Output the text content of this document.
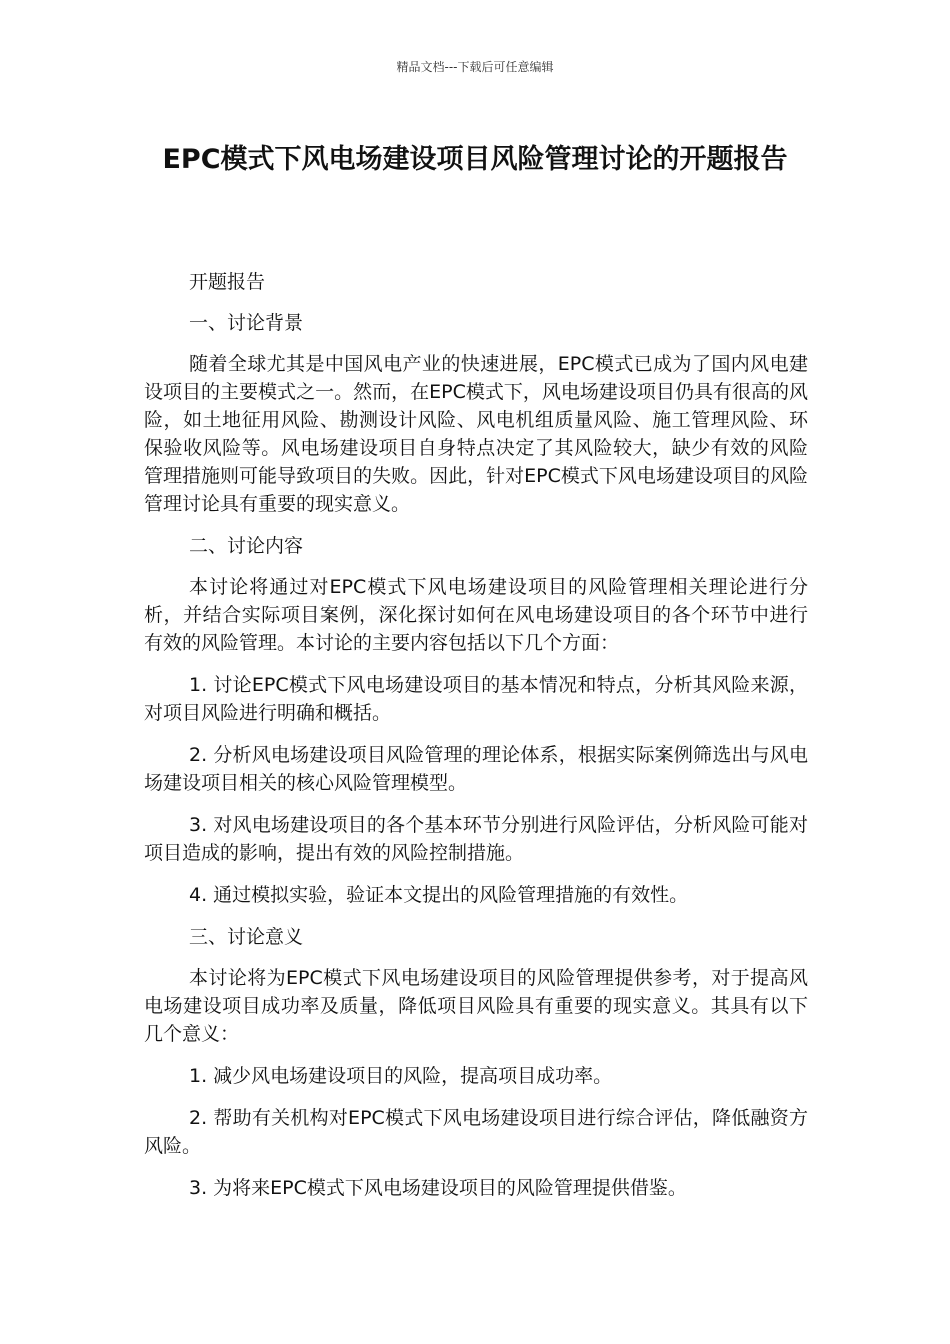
精品文档---下载后可任意编辑
EPC模式下风电场建设项目风险管理讨论的开题报告

开题报告

一、讨论背景

随着全球尤其是中国风电产业的快速进展，EPC模式已成为了国内风电建设项目的主要模式之一。然而，在EPC模式下，风电场建设项目仍具有很高的风险，如土地征用风险、勘测设计风险、风电机组质量风险、施工管理风险、环保验收风险等。风电场建设项目自身特点决定了其风险较大，缺少有效的风险管理措施则可能导致项目的失败。因此，针对EPC模式下风电场建设项目的风险管理讨论具有重要的现实意义。

二、讨论内容

本讨论将通过对EPC模式下风电场建设项目的风险管理相关理论进行分析，并结合实际项目案例，深化探讨如何在风电场建设项目的各个环节中进行有效的风险管理。本讨论的主要内容包括以下几个方面：

1. 讨论EPC模式下风电场建设项目的基本情况和特点，分析其风险来源，对项目风险进行明确和概括。

2. 分析风电场建设项目风险管理的理论体系，根据实际案例筛选出与风电场建设项目相关的核心风险管理模型。

3. 对风电场建设项目的各个基本环节分别进行风险评估，分析风险可能对项目造成的影响，提出有效的风险控制措施。

4. 通过模拟实验，验证本文提出的风险管理措施的有效性。

三、讨论意义

本讨论将为EPC模式下风电场建设项目的风险管理提供参考，对于提高风电场建设项目成功率及质量，降低项目风险具有重要的现实意义。其具有以下几个意义：

1. 减少风电场建设项目的风险，提高项目成功率。

2. 帮助有关机构对EPC模式下风电场建设项目进行综合评估，降低融资方风险。

3. 为将来EPC模式下风电场建设项目的风险管理提供借鉴。
